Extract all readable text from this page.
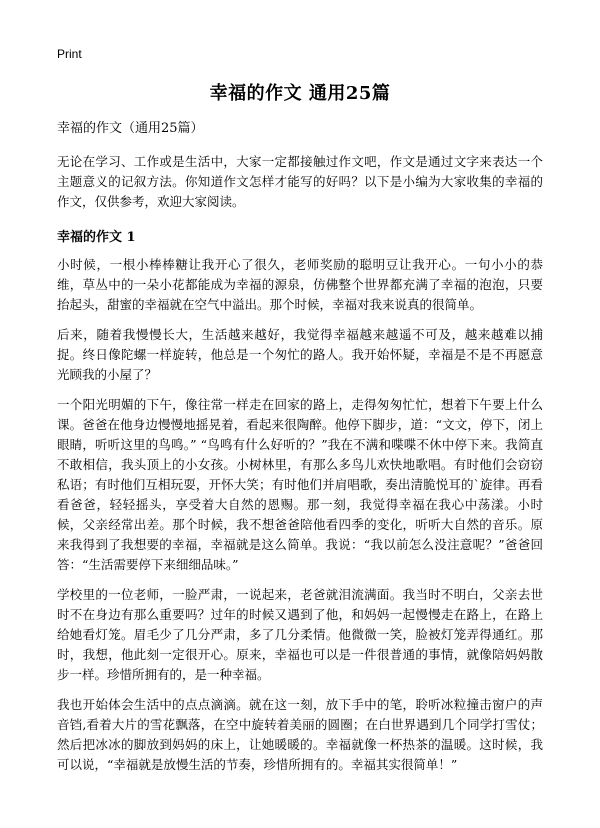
Print
幸福的作文 通用25篇

幸福的作文（通用25篇）

无论在学习、工作或是生活中，大家一定都接触过作文吧，作文是通过文字来表达一个主题意义的记叙方法。你知道作文怎样才能写的好吗？以下是小编为大家收集的幸福的作文，仅供参考，欢迎大家阅读。

幸福的作文 1

小时候，一根小棒棒糖让我开心了很久，老师奖励的聪明豆让我开心。一句小小的恭维，草丛中的一朵小花都能成为幸福的源泉，仿佛整个世界都充满了幸福的泡泡，只要抬起头，甜蜜的幸福就在空气中溢出。那个时候，幸福对我来说真的很简单。

后来，随着我慢慢长大，生活越来越好，我觉得幸福越来越遥不可及，越来越难以捕捉。终日像陀螺一样旋转，他总是一个匆忙的路人。我开始怀疑，幸福是不是不再愿意光顾我的小屋了？

一个阳光明媚的下午，像往常一样走在回家的路上，走得匆匆忙忙，想着下午要上什么课。爸爸在他身边慢慢地摇晃着，看起来很陶醉。他停下脚步，道：“文文，停下，闭上眼睛，听听这里的鸟鸣。” “鸟鸣有什么好听的？”我在不满和喋喋不休中停下来。我简直不敢相信，我头顶上的小女孩。小树林里，有那么多鸟儿欢快地歌唱。有时他们会窃窃私语；有时他们互相玩耍，开怀大笑；有时他们并肩唱歌，奏出清脆悦耳的`旋律。再看看爸爸，轻轻摇头，享受着大自然的恩赐。那一刻，我觉得幸福在我心中荡漾。小时候，父亲经常出差。那个时候，我不想爸爸陪他看四季的变化，听听大自然的音乐。原来我得到了我想要的幸福，幸福就是这么简单。我说：“我以前怎么没注意呢？”爸爸回答：“生活需要停下来细细品味。”

学校里的一位老师，一脸严肃，一说起来，老爸就泪流满面。我当时不明白，父亲去世时不在身边有那么重要吗？过年的时候又遇到了他，和妈妈一起慢慢走在路上，在路上给她看灯笼。眉毛少了几分严肃，多了几分柔情。他微微一笑，脸被灯笼弄得通红。那时，我想，他此刻一定很开心。原来，幸福也可以是一件很普通的事情，就像陪妈妈散步一样。珍惜所拥有的，是一种幸福。

我也开始体会生活中的点点滴滴。就在这一刻，放下手中的笔，聆听冰粒撞击窗户的声音铛,看着大片的雪花飘落，在空中旋转着美丽的圆圈；在白世界遇到几个同学打雪仗；然后把冰冰的脚放到妈妈的床上，让她暖暖的。幸福就像一杯热茶的温暖。这时候，我可以说，“幸福就是放慢生活的节奏，珍惜所拥有的。幸福其实很简单！”
